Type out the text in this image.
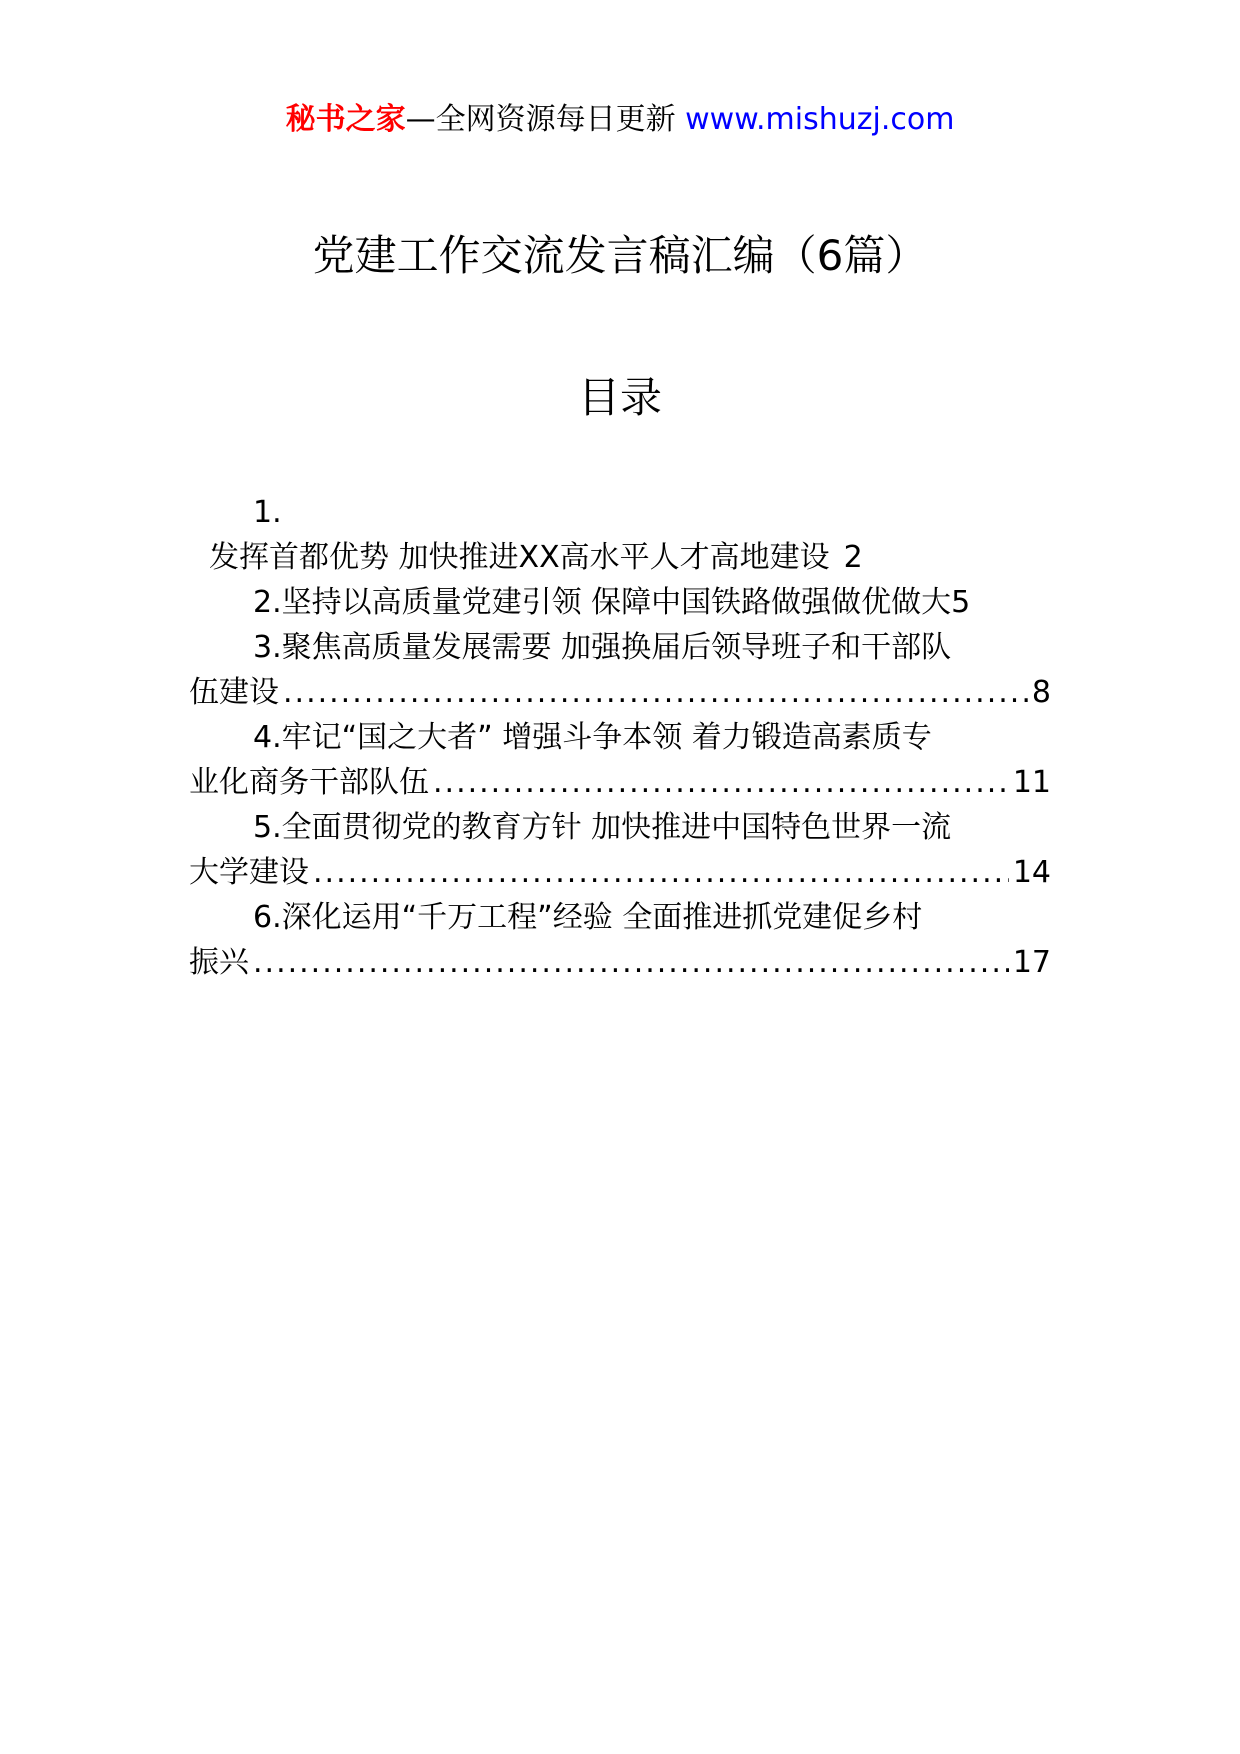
秘书之家—全网资源每日更新 www.mishuzj.com
党建工作交流发言稿汇编（6篇）
目录
1.
发挥首都优势 加快推进XX高水平人才高地建设 2
2. 坚持以高质量党建引领 保障中国铁路做强做优做大 5
3. 聚焦高质量发展需要 加强换届后领导班子和干部队
伍建设 .....	8
4. 牢记“国之大者” 增强斗争本领 着力锻造高素质专
业化商务干部队伍 .....	11
5. 全面贯彻党的教育方针 加快推进中国特色世界一流
大学建设 .....	14
6. 深化运用“千万工程”经验 全面推进抓党建促乡村
振兴 .....	17
